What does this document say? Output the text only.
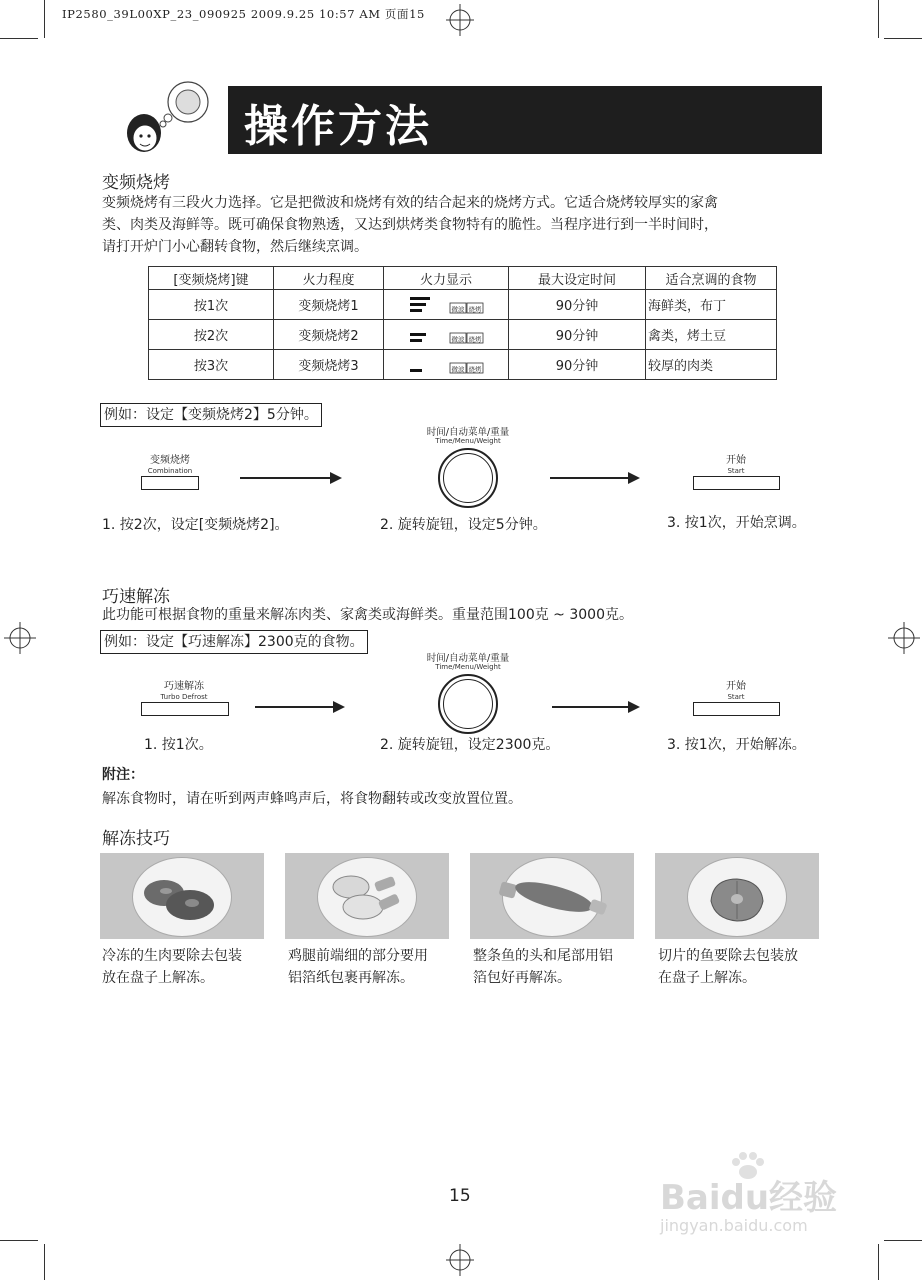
IP2580_39L00XP_23_090925 2009.9.25 10:57 AM 页面15
操作方法
变频烧烤
变频烧烤有三段火力选择。它是把微波和烧烤有效的结合起来的烧烤方式。它适合烧烤较厚实的家禽
类、肉类及海鲜等。既可确保食物熟透，又达到烘烤类食物特有的脆性。当程序进行到一半时间时，
请打开炉门小心翻转食物，然后继续烹调。
[变频烧烤]键	火力程度	火力显示	最大设定时间	适合烹调的食物
按1次	变频烧烤1	微波 烧烤	90分钟	海鲜类，布丁
按2次	变频烧烤2	微波 烧烤	90分钟	禽类，烤土豆
按3次	变频烧烤3	微波 烧烤	90分钟	较厚的肉类
例如：设定【变频烧烤2】5分钟。
变频烧烤
Combination
时间/自动菜单/重量
Time/Menu/Weight
开始
Start
1. 按2次，设定[变频烧烤2]。	2. 旋转旋钮，设定5分钟。	3. 按1次，开始烹调。
巧速解冻
此功能可根据食物的重量来解冻肉类、家禽类或海鲜类。重量范围100克 ~ 3000克。
例如：设定【巧速解冻】2300克的食物。
时间/自动菜单/重量
Time/Menu/Weight
巧速解冻
Turbo Defrost
开始
Start
1. 按1次。	2. 旋转旋钮，设定2300克。	3. 按1次，开始解冻。
附注：
解冻食物时，请在听到两声蜂鸣声后，将食物翻转或改变放置位置。
解冻技巧
冷冻的生肉要除去包装
放在盘子上解冻。
鸡腿前端细的部分要用
铝箔纸包裹再解冻。
整条鱼的头和尾部用铝
箔包好再解冻。
切片的鱼要除去包装放
在盘子上解冻。
15	Baidu经验
jingyan.baidu.com
